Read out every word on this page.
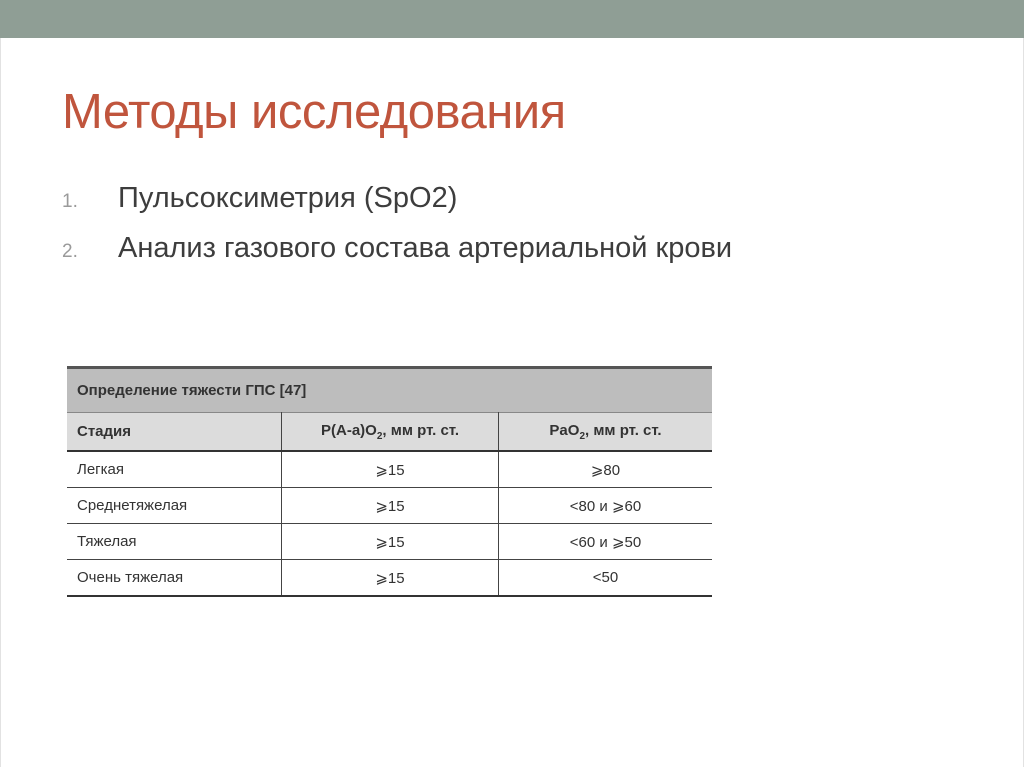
Методы исследования
1.	Пульсоксиметрия (SpO2)
2.	Анализ газового состава артериальной крови
Определение тяжести ГПС [47]
Стадия	$P(A-a)O_2$, мм рт. ст.	PaO$_2$, мм рт. ст.
Легкая	⩾15	⩾80
Среднетяжелая	⩾15	<80 и ⩾60
Тяжелая	⩾15	<60 и ⩾50
Очень тяжелая	⩾15	<50
